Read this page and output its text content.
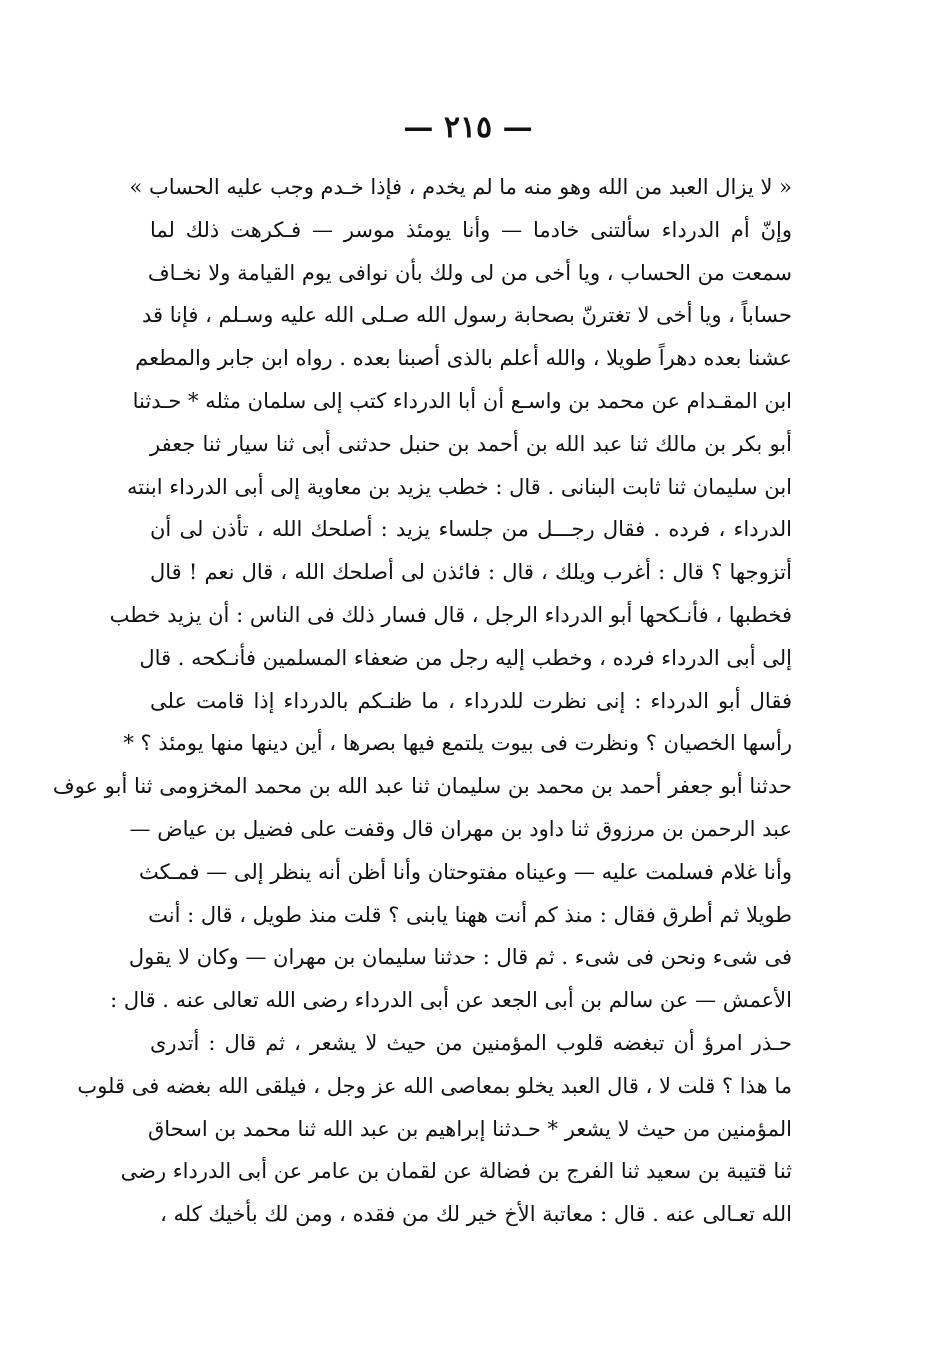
— ٢١٥ —
« لا يزال العبد من الله وهو منه ما لم يخدم ، فإذا خـدم وجب عليه الحساب »
وإنّ أم الدرداء سألتنى خادما — وأنا يومئذ موسر — فـكرهت ذلك لما
سمعت من الحساب ، ويا أخى من لى ولك بأن نوافى يوم القيامة ولا نخـاف
حساباً ، ويا أخى لا تغترنّ بصحابة رسول الله صـلى الله عليه وسـلم ، فإنا قد
عشنا بعده دهراً طويلا ، والله أعلم بالذى أصبنا بعده . رواه ابن جابر والمطعم
ابن المقـدام عن محمد بن واسـع أن أبا الدرداء كتب إلى سلمان مثله * حـدثنا
أبو بكر بن مالك ثنا عبد الله بن أحمد بن حنبل حدثنى أبى ثنا سيار ثنا جعفر
ابن سليمان ثنا ثابت البنانى . قال : خطب يزيد بن معاوية إلى أبى الدرداء ابنته
الدرداء ، فرده . فقال رجـــل من جلساء يزيد : أصلحك الله ، تأذن لى أن
أتزوجها ؟ قال : أغرب ويلك ، قال : فائذن لى أصلحك الله ، قال نعم ! قال
فخطبها ، فأنـكحها أبو الدرداء الرجل ، قال فسار ذلك فى الناس : أن يزيد خطب
إلى أبى الدرداء فرده ، وخطب إليه رجل من ضعفاء المسلمين فأنـكحه . قال
فقال أبو الدرداء : إنى نظرت للدرداء ، ما ظنـكم بالدرداء إذا قامت على
رأسها الخصيان ؟ ونظرت فى بيوت يلتمع فيها بصرها ، أين دينها منها يومئذ ؟ *
حدثنا أبو جعفر أحمد بن محمد بن سليمان ثنا عبد الله بن محمد المخزومى ثنا أبو عوف
عبد الرحمن بن مرزوق ثنا داود بن مهران قال وقفت على فضيل بن عياض —
وأنا غلام فسلمت عليه — وعيناه مفتوحتان وأنا أظن أنه ينظر إلى — فمـكث
طويلا ثم أطرق فقال : منذ كم أنت ههنا يابنى ؟ قلت منذ طويل ، قال : أنت
فى شىء ونحن فى شىء . ثم قال : حدثنا سليمان بن مهران — وكان لا يقول
الأعمش — عن سالم بن أبى الجعد عن أبى الدرداء رضى الله تعالى عنه . قال :
حـذر امرؤ أن تبغضه قلوب المؤمنين من حيث لا يشعر ، ثم قال : أتدرى
ما هذا ؟ قلت لا ، قال العبد يخلو بمعاصى الله عز وجل ، فيلقى الله بغضه فى قلوب
المؤمنين من حيث لا يشعر * حـدثنا إبراهيم بن عبد الله ثنا محمد بن اسحاق
ثنا قتيبة بن سعيد ثنا الفرج بن فضالة عن لقمان بن عامر عن أبى الدرداء رضى
الله تعـالى عنه . قال : معاتبة الأخ خير لك من فقده ، ومن لك بأخيك كله ،
